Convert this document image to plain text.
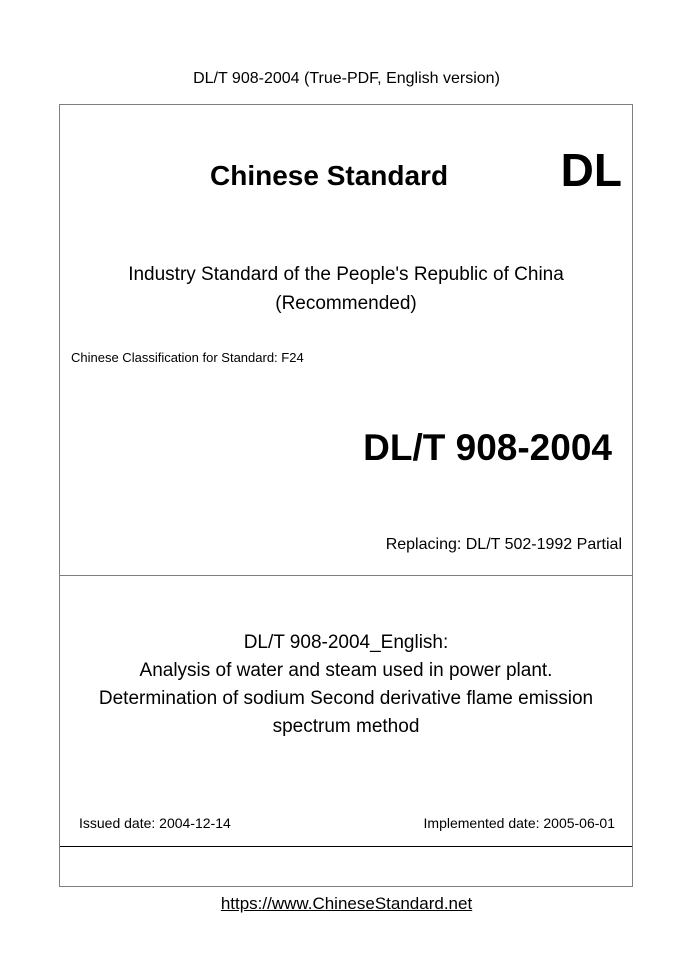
DL/T 908-2004 (True-PDF, English version)
Chinese Standard DL
Industry Standard of the People's Republic of China
(Recommended)
Chinese Classification for Standard: F24
DL/T 908-2004
Replacing: DL/T 502-1992 Partial
DL/T 908-2004_English:
Analysis of water and steam used in power plant.
Determination of sodium Second derivative flame emission
spectrum method
Issued date: 2004-12-14	Implemented date: 2005-06-01
https://www.ChineseStandard.net
